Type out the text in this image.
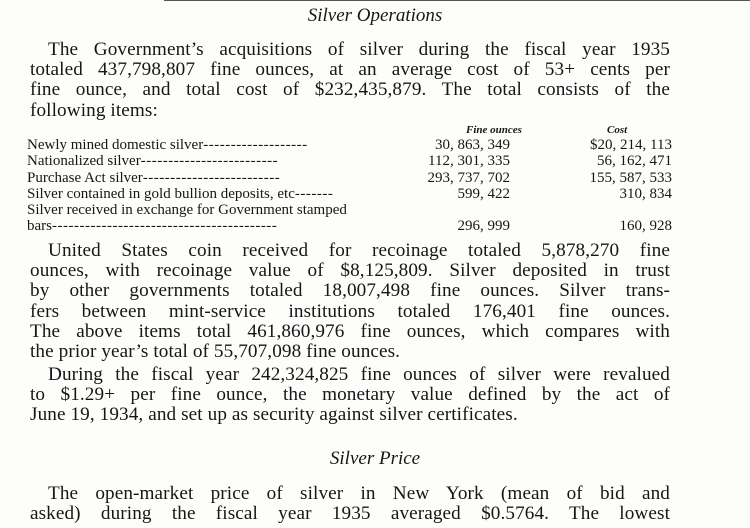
Silver Operations
The Government’s acquisitions of silver during the fiscal year 1935
totaled 437,798,807 fine ounces, at an average cost of 53+ cents per
fine ounce, and total cost of $232,435,879. The total consists of the
following items:
Fine ounces	Cost
Newly mined domestic silver-------------------	30, 863, 349	$20, 214, 113
Nationalized silver-------------------------	112, 301, 335	56, 162, 471
Purchase Act silver-------------------------	293, 737, 702	155, 587, 533
Silver contained in gold bullion deposits, etc-------	599, 422	310, 834
Silver received in exchange for Government stamped
bars-----------------------------------------	296, 999	160, 928
United States coin received for recoinage totaled 5,878,270 fine
ounces, with recoinage value of $8,125,809. Silver deposited in trust
by other governments totaled 18,007,498 fine ounces. Silver trans-
fers between mint-service institutions totaled 176,401 fine ounces.
The above items total 461,860,976 fine ounces, which compares with
the prior year’s total of 55,707,098 fine ounces.
During the fiscal year 242,324,825 fine ounces of silver were revalued
to $1.29+ per fine ounce, the monetary value defined by the act of
June 19, 1934, and set up as security against silver certificates.
Silver Price
The open-market price of silver in New York (mean of bid and
asked) during the fiscal year 1935 averaged $0.5764. The lowest
